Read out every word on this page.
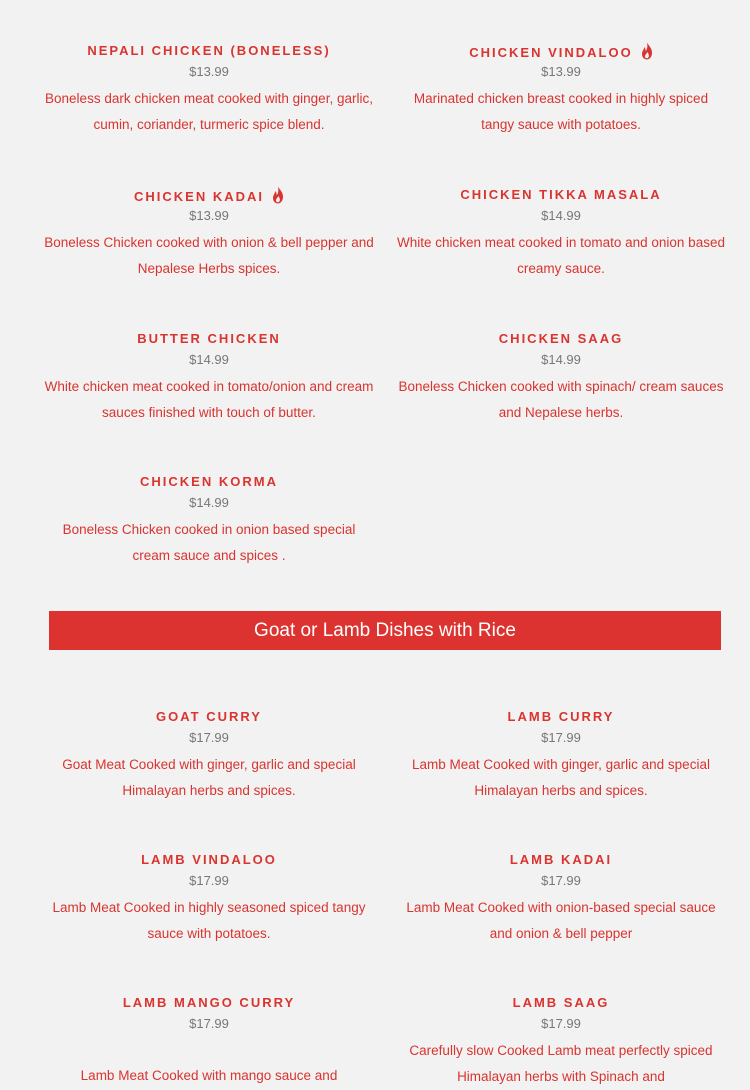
NEPALI CHICKEN (BONELESS)
$13.99
Boneless dark chicken meat cooked with ginger, garlic, cumin, coriander, turmeric spice blend.
CHICKEN VINDALOO
$13.99
Marinated chicken breast cooked in highly spiced tangy sauce with potatoes.
CHICKEN KADAI
$13.99
Boneless Chicken cooked with onion & bell pepper and Nepalese Herbs spices.
CHICKEN TIKKA MASALA
$14.99
White chicken meat cooked in tomato and onion based creamy sauce.
BUTTER CHICKEN
$14.99
White chicken meat cooked in tomato/onion and cream sauces finished with touch of butter.
CHICKEN SAAG
$14.99
Boneless Chicken cooked with spinach/ cream sauces and Nepalese herbs.
CHICKEN KORMA
$14.99
Boneless Chicken cooked in onion based special cream sauce and spices .
Goat or Lamb Dishes with Rice
GOAT CURRY
$17.99
Goat Meat Cooked with ginger, garlic and special Himalayan herbs and spices.
LAMB CURRY
$17.99
Lamb Meat Cooked with ginger, garlic and special Himalayan herbs and spices.
LAMB VINDALOO
$17.99
Lamb Meat Cooked in highly seasoned spiced tangy sauce with potatoes.
LAMB KADAI
$17.99
Lamb Meat Cooked with onion-based special sauce and onion & bell pepper
LAMB MANGO CURRY
$17.99
Lamb Meat Cooked with mango sauce and
LAMB SAAG
$17.99
Carefully slow Cooked Lamb meat perfectly spiced Himalayan herbs with Spinach and
